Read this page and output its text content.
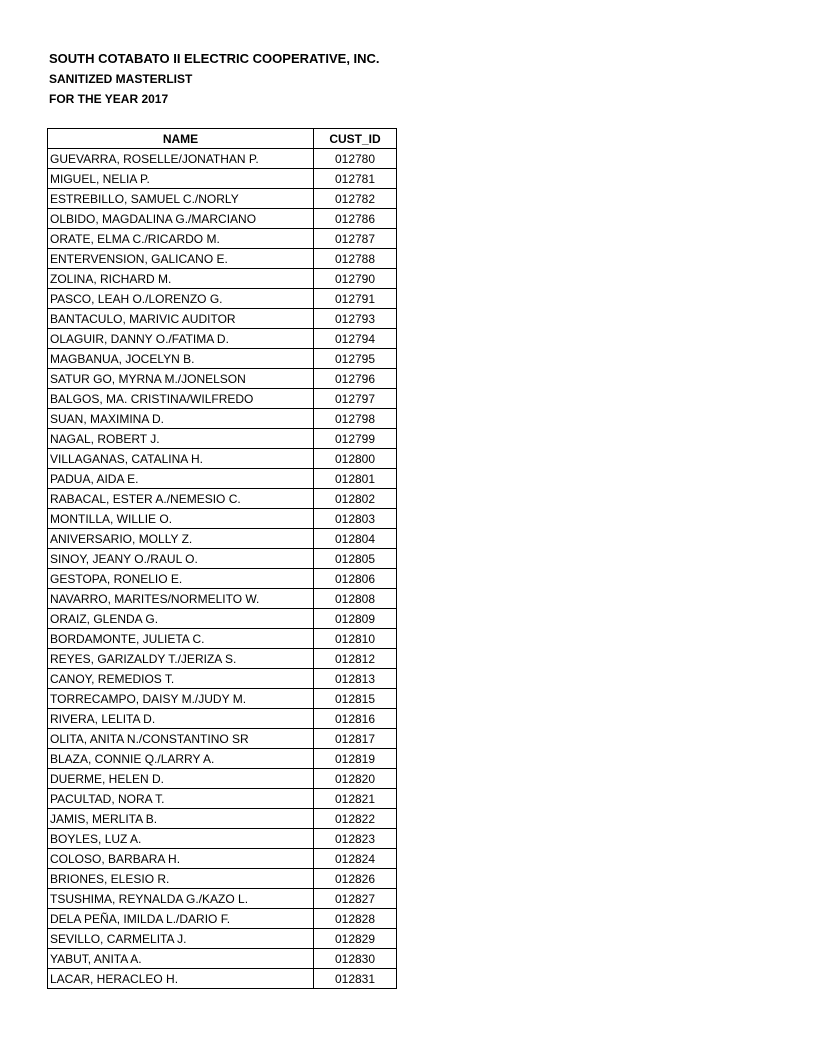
SOUTH COTABATO II ELECTRIC COOPERATIVE, INC.
SANITIZED MASTERLIST
FOR THE YEAR 2017
NAME	CUST_ID
GUEVARRA, ROSELLE/JONATHAN P.	012780
MIGUEL, NELIA P.	012781
ESTREBILLO, SAMUEL C./NORLY	012782
OLBIDO, MAGDALINA G./MARCIANO	012786
ORATE, ELMA C./RICARDO M.	012787
ENTERVENSION, GALICANO E.	012788
ZOLINA, RICHARD M.	012790
PASCO, LEAH O./LORENZO G.	012791
BANTACULO, MARIVIC AUDITOR	012793
OLAGUIR, DANNY O./FATIMA D.	012794
MAGBANUA, JOCELYN B.	012795
SATUR GO, MYRNA M./JONELSON	012796
BALGOS, MA. CRISTINA/WILFREDO	012797
SUAN, MAXIMINA D.	012798
NAGAL, ROBERT J.	012799
VILLAGANAS, CATALINA H.	012800
PADUA, AIDA E.	012801
RABACAL, ESTER A./NEMESIO C.	012802
MONTILLA, WILLIE O.	012803
ANIVERSARIO, MOLLY Z.	012804
SINOY, JEANY O./RAUL O.	012805
GESTOPA, RONELIO E.	012806
NAVARRO, MARITES/NORMELITO W.	012808
ORAIZ, GLENDA G.	012809
BORDAMONTE, JULIETA C.	012810
REYES, GARIZALDY T./JERIZA S.	012812
CANOY, REMEDIOS T.	012813
TORRECAMPO, DAISY M./JUDY M.	012815
RIVERA, LELITA D.	012816
OLITA, ANITA N./CONSTANTINO SR	012817
BLAZA, CONNIE Q./LARRY A.	012819
DUERME, HELEN D.	012820
PACULTAD, NORA T.	012821
JAMIS, MERLITA B.	012822
BOYLES, LUZ A.	012823
COLOSO, BARBARA H.	012824
BRIONES, ELESIO R.	012826
TSUSHIMA, REYNALDA G./KAZO L.	012827
DELA PEÑA, IMILDA L./DARIO F.	012828
SEVILLO, CARMELITA J.	012829
YABUT, ANITA A.	012830
LACAR, HERACLEO H.	012831
